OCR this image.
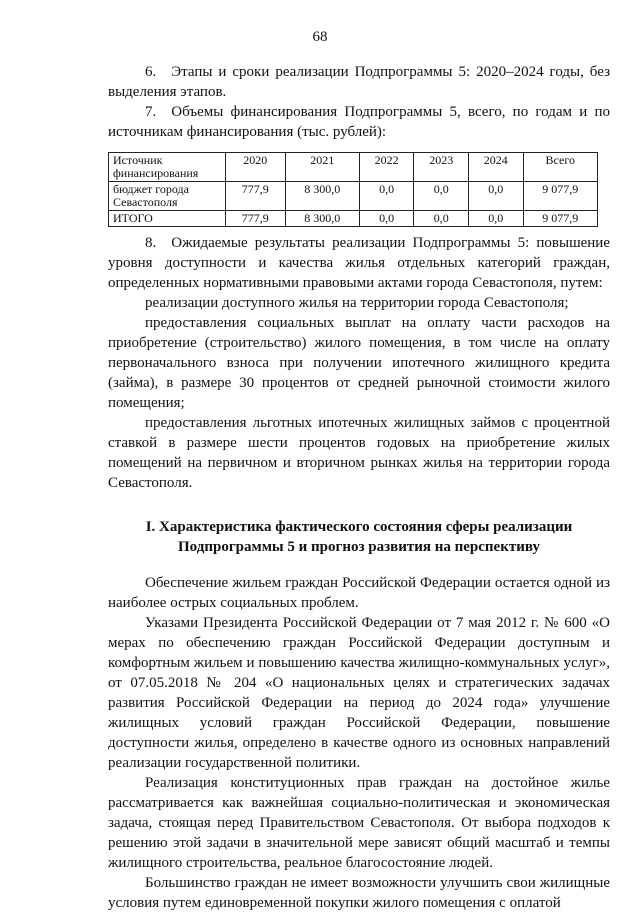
68

6. Этапы и сроки реализации Подпрограммы 5: 2020–2024 годы, без выделения этапов.

7. Объемы финансирования Подпрограммы 5, всего, по годам и по источникам финансирования (тыс. рублей):

Источник финансирования	2020	2021	2022	2023	2024	Всего
бюджет города Севастополя	777,9	8 300,0	0,0	0,0	0,0	9 077,9
ИТОГО	777,9	8 300,0	0,0	0,0	0,0	9 077,9

8. Ожидаемые результаты реализации Подпрограммы 5: повышение уровня доступности и качества жилья отдельных категорий граждан, определенных нормативными правовыми актами города Севастополя, путем:

реализации доступного жилья на территории города Севастополя;

предоставления социальных выплат на оплату части расходов на приобретение (строительство) жилого помещения, в том числе на оплату первоначального взноса при получении ипотечного жилищного кредита (займа), в размере 30 процентов от средней рыночной стоимости жилого помещения;

предоставления льготных ипотечных жилищных займов с процентной ставкой в размере шести процентов годовых на приобретение жилых помещений на первичном и вторичном рынках жилья на территории города Севастополя.

I. Характеристика фактического состояния сферы реализации
Подпрограммы 5 и прогноз развития на перспективу

Обеспечение жильем граждан Российской Федерации остается одной из наиболее острых социальных проблем.

Указами Президента Российской Федерации от 7 мая 2012 г. № 600 «О мерах по обеспечению граждан Российской Федерации доступным и комфортным жильем и повышению качества жилищно-коммунальных услуг», от 07.05.2018 № 204 «О национальных целях и стратегических задачах развития Российской Федерации на период до 2024 года» улучшение жилищных условий граждан Российской Федерации, повышение доступности жилья, определено в качестве одного из основных направлений реализации государственной политики.

Реализация конституционных прав граждан на достойное жилье рассматривается как важнейшая социально-политическая и экономическая задача, стоящая перед Правительством Севастополя. От выбора подходов к решению этой задачи в значительной мере зависят общий масштаб и темпы жилищного строительства, реальное благосостояние людей.

Большинство граждан не имеет возможности улучшить свои жилищные условия путем единовременной покупки жилого помещения с оплатой
